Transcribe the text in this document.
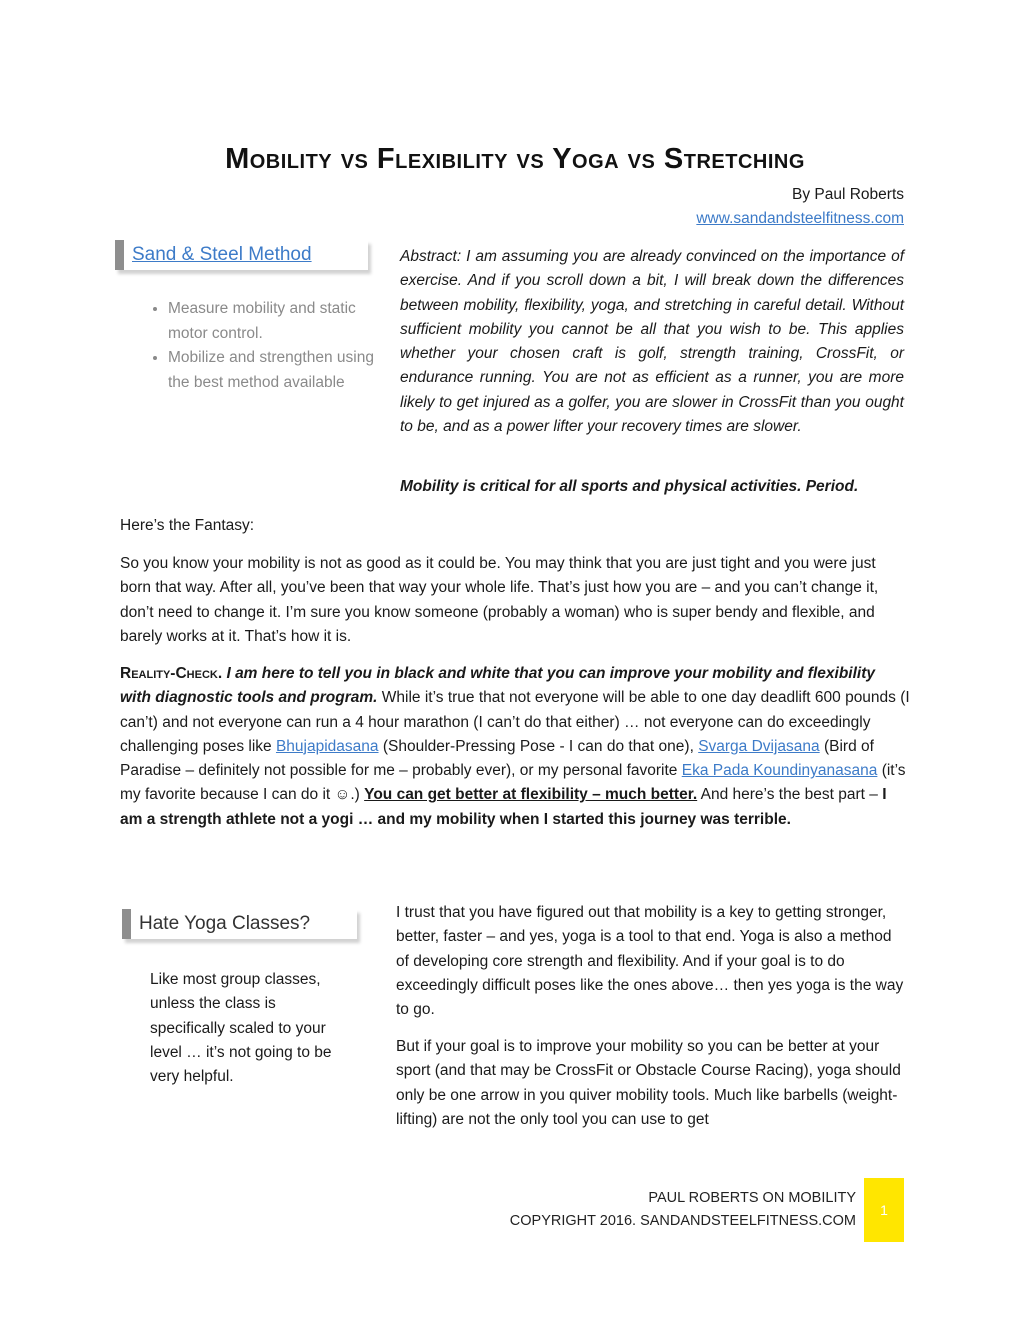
Mobility vs Flexibility vs Yoga vs Stretching
By Paul Roberts
www.sandandsteelfitness.com
Sand & Steel Method
• Measure mobility and static motor control.
• Mobilize and strengthen using the best method available

Abstract: I am assuming you are already convinced on the importance of exercise. And if you scroll down a bit, I will break down the differences between mobility, flexibility, yoga, and stretching in careful detail. Without sufficient mobility you cannot be all that you wish to be. This applies whether your chosen craft is golf, strength training, CrossFit, or endurance running. You are not as efficient as a runner, you are more likely to get injured as a golfer, you are slower in CrossFit than you ought to be, and as a power lifter your recovery times are slower.

Mobility is critical for all sports and physical activities. Period.

Here’s the Fantasy:

So you know your mobility is not as good as it could be. You may think that you are just tight and you were just born that way. After all, you’ve been that way your whole life. That’s just how you are – and you can’t change it, don’t need to change it. I’m sure you know someone (probably a woman) who is super bendy and flexible, and barely works at it. That’s how it is.

Reality-Check. I am here to tell you in black and white that you can improve your mobility and flexibility with diagnostic tools and program. While it’s true that not everyone will be able to one day deadlift 600 pounds (I can’t) and not everyone can run a 4 hour marathon (I can’t do that either) … not everyone can do exceedingly challenging poses like Bhujapidasana (Shoulder-Pressing Pose - I can do that one), Svarga Dvijasana (Bird of Paradise – definitely not possible for me – probably ever), or my personal favorite Eka Pada Koundinyanasana (it’s my favorite because I can do it ☺.) You can get better at flexibility – much better. And here’s the best part – I am a strength athlete not a yogi … and my mobility when I started this journey was terrible.

Hate Yoga Classes?

Like most group classes, unless the class is specifically scaled to your level … it’s not going to be very helpful.

I trust that you have figured out that mobility is a key to getting stronger, better, faster – and yes, yoga is a tool to that end. Yoga is also a method of developing core strength and flexibility. And if your goal is to do exceedingly difficult poses like the ones above… then yes yoga is the way to go.

But if your goal is to improve your mobility so you can be better at your sport (and that may be CrossFit or Obstacle Course Racing), yoga should only be one arrow in you quiver mobility tools. Much like barbells (weight-lifting) are not the only tool you can use to get

PAUL ROBERTS ON MOBILITY
COPYRIGHT 2016. SANDANDSTEELFITNESS.COM
1
